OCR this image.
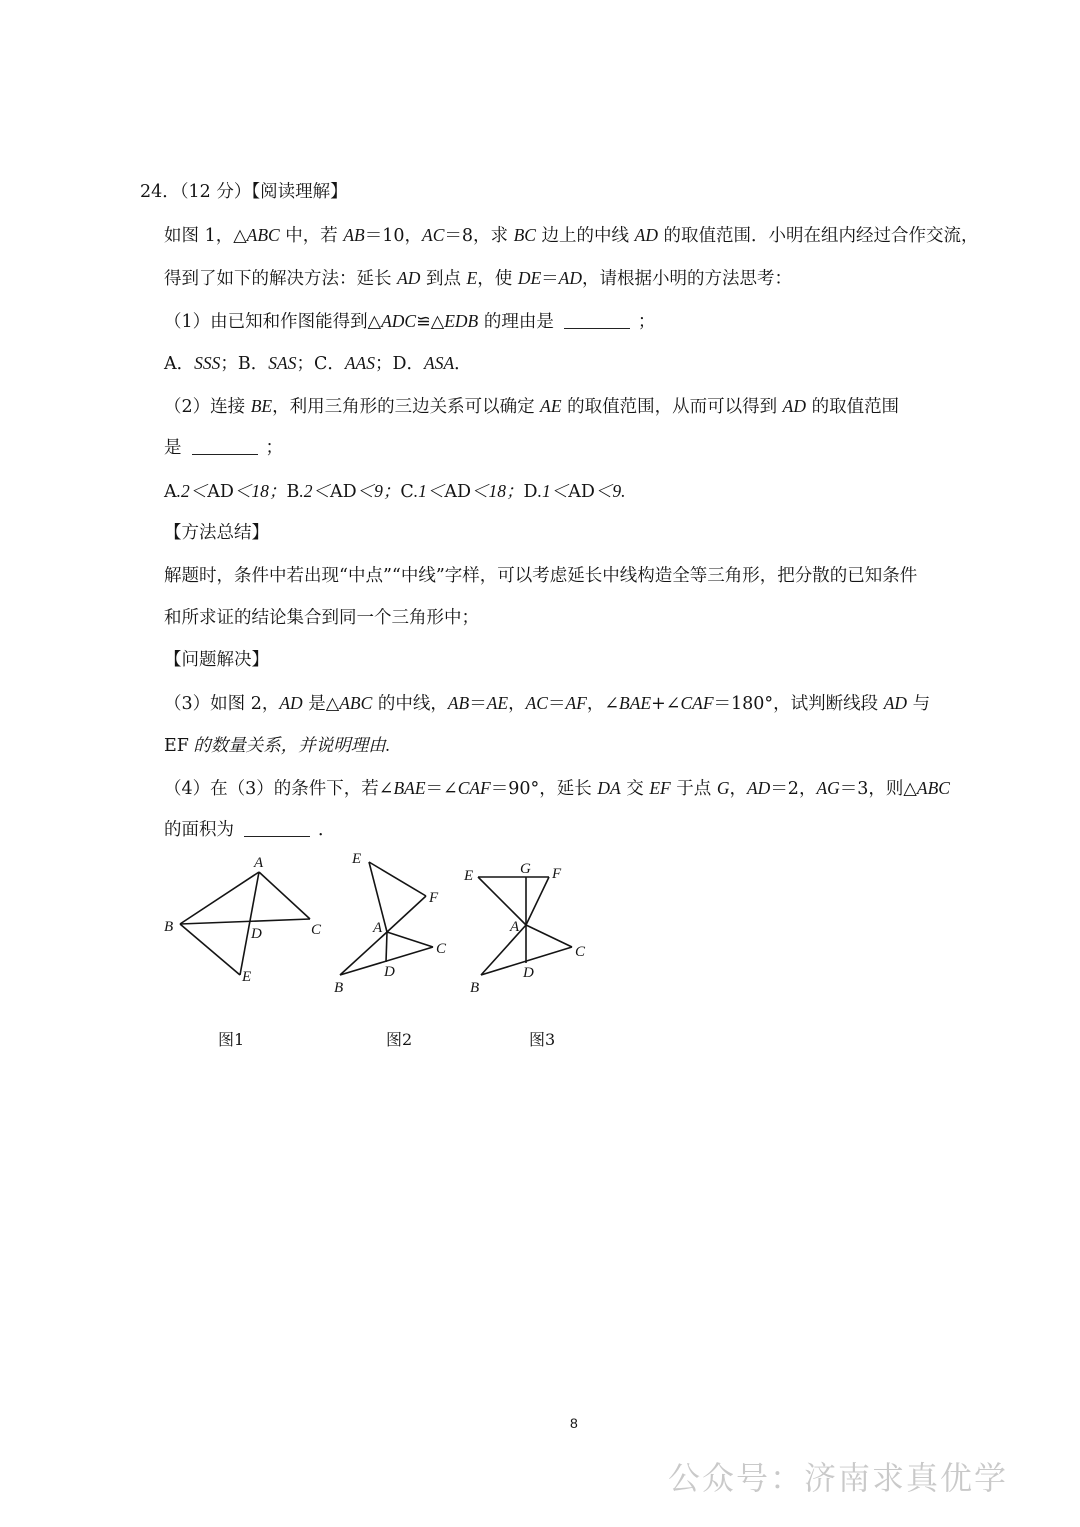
24．（12 分）【阅读理解】
如图 1，△ABC 中，若 AB＝10，AC＝8，求 BC 边上的中线 AD 的取值范围．小明在组内经过合作交流，
得到了如下的解决方法：延长 AD 到点 E，使 DE＝AD，请根据小明的方法思考：
（1）由已知和作图能得到△ADC≌△EDB 的理由是	；
A．SSS；B．SAS；C．AAS；D．ASA．
（2）连接 BE，利用三角形的三边关系可以确定 AE 的取值范围，从而可以得到 AD 的取值范围
是	；
A.2＜AD＜18；B.2＜AD＜9；C.1＜AD＜18；D.1＜AD＜9.
【方法总结】
解题时，条件中若出现“中点”“中线”字样，可以考虑延长中线构造全等三角形，把分散的已知条件
和所求证的结论集合到同一个三角形中；
【问题解决】
（3）如图 2，AD 是△ABC 的中线，AB＝AE，AC＝AF，∠BAE+∠CAF＝180°，试判断线段 AD 与
EF 的数量关系，并说明理由.
（4）在（3）的条件下，若∠BAE＝∠CAF＝90°，延长 DA 交 EF 于点 G，AD＝2，AG＝3，则△ABC
的面积为	．
A
B	C
D
E
E
F
A
C
D
B
E	G F
A
C
D
B
图1	图2	图3
8
公众号：济南求真优学
